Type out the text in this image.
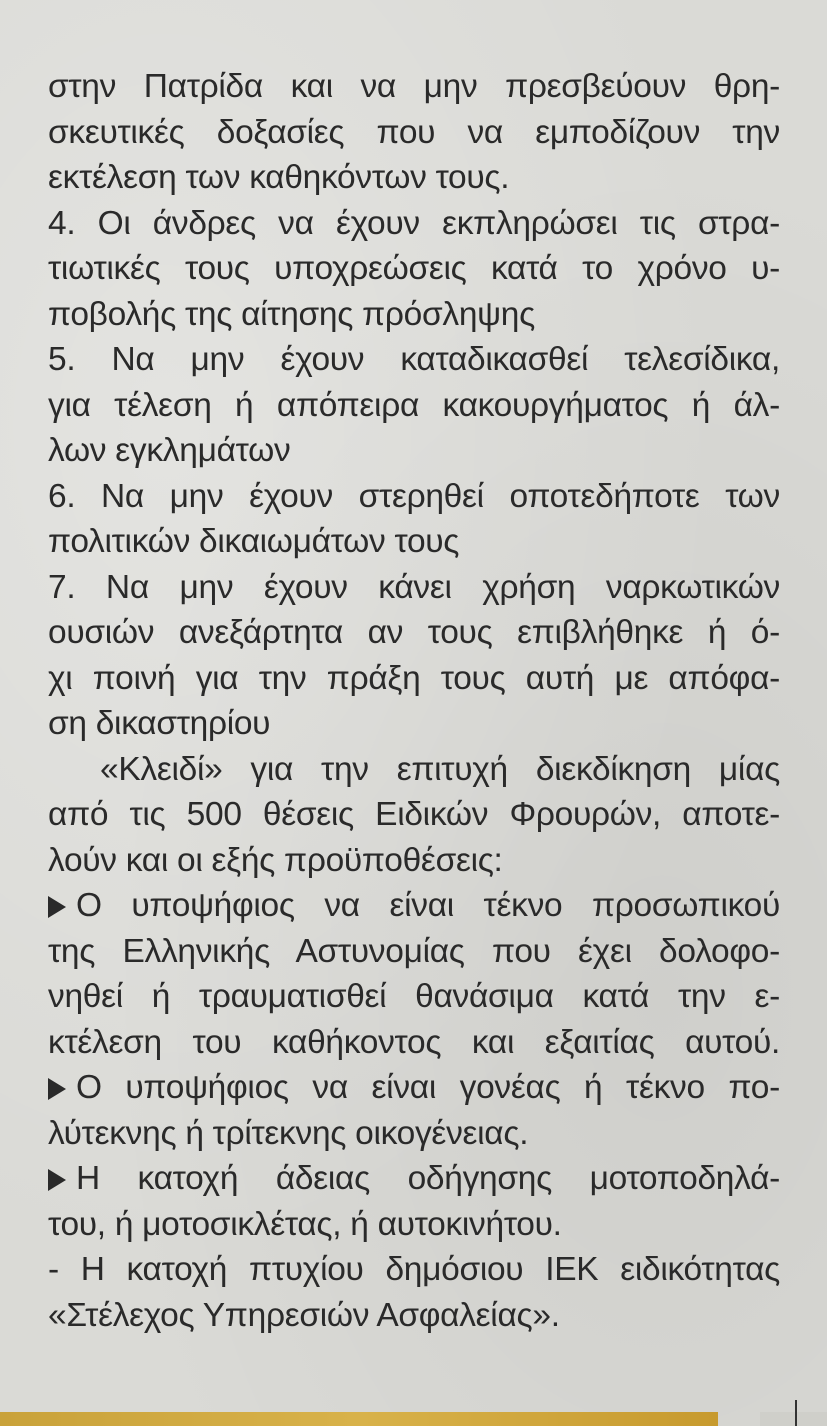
στην Πατρίδα και να μην πρεσβεύουν θρη-
σκευτικές δοξασίες που να εμποδίζουν την
εκτέλεση των καθηκόντων τους.
4. Οι άνδρες να έχουν εκπληρώσει τις στρα-
τιωτικές τους υποχρεώσεις κατά το χρόνο υ-
ποβολής της αίτησης πρόσληψης
5. Να μην έχουν καταδικασθεί τελεσίδικα,
για τέλεση ή απόπειρα κακουργήματος ή άλ-
λων εγκλημάτων
6. Να μην έχουν στερηθεί οποτεδήποτε των
πολιτικών δικαιωμάτων τους
7. Να μην έχουν κάνει χρήση ναρκωτικών
ουσιών ανεξάρτητα αν τους επιβλήθηκε ή ό-
χι ποινή για την πράξη τους αυτή με απόφα-
ση δικαστηρίου
«Κλειδί» για την επιτυχή διεκδίκηση μίας
από τις 500 θέσεις Ειδικών Φρουρών, αποτε-
λούν και οι εξής προϋποθέσεις:
Ο υποψήφιος να είναι τέκνο προσωπικού
της Ελληνικής Αστυνομίας που έχει δολοφο-
νηθεί ή τραυματισθεί θανάσιμα κατά την ε-
κτέλεση του καθήκοντος και εξαιτίας αυτού.
Ο υποψήφιος να είναι γονέας ή τέκνο πο-
λύτεκνης ή τρίτεκνης οικογένειας.
Η κατοχή άδειας οδήγησης μοτοποδηλά-
του, ή μοτοσικλέτας, ή αυτοκινήτου.
- Η κατοχή πτυχίου δημόσιου ΙΕΚ ειδικότητας
«Στέλεχος Υπηρεσιών Ασφαλείας».
